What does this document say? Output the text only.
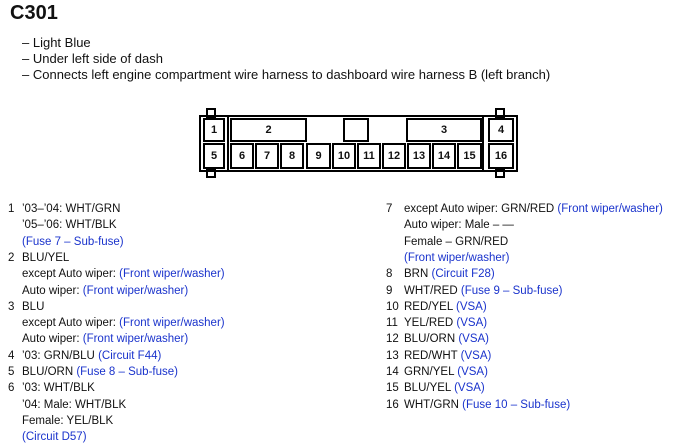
C301
– Light Blue
– Under left side of dash
– Connects left engine compartment wire harness to dashboard wire harness B (left branch)
1	2	3	4
5	6	7	8	9	10	11	12	13	14	15	16
1 ’03–’04: WHT/GRN
’05–’06: WHT/BLK
(Fuse 7 – Sub-fuse)
2 BLU/YEL
except Auto wiper: (Front wiper/washer)
Auto wiper: (Front wiper/washer)
3 BLU
except Auto wiper: (Front wiper/washer)
Auto wiper: (Front wiper/washer)
4 ’03: GRN/BLU (Circuit F44)
5 BLU/ORN (Fuse 8 – Sub-fuse)
6 ’03: WHT/BLK
’04: Male: WHT/BLK
Female: YEL/BLK
(Circuit D57)
7 except Auto wiper: GRN/RED (Front wiper/washer)
Auto wiper: Male – —
Female – GRN/RED
(Front wiper/washer)
8 BRN (Circuit F28)
9 WHT/RED (Fuse 9 – Sub-fuse)
10 RED/YEL (VSA)
11 YEL/RED (VSA)
12 BLU/ORN (VSA)
13 RED/WHT (VSA)
14 GRN/YEL (VSA)
15 BLU/YEL (VSA)
16 WHT/GRN (Fuse 10 – Sub-fuse)
